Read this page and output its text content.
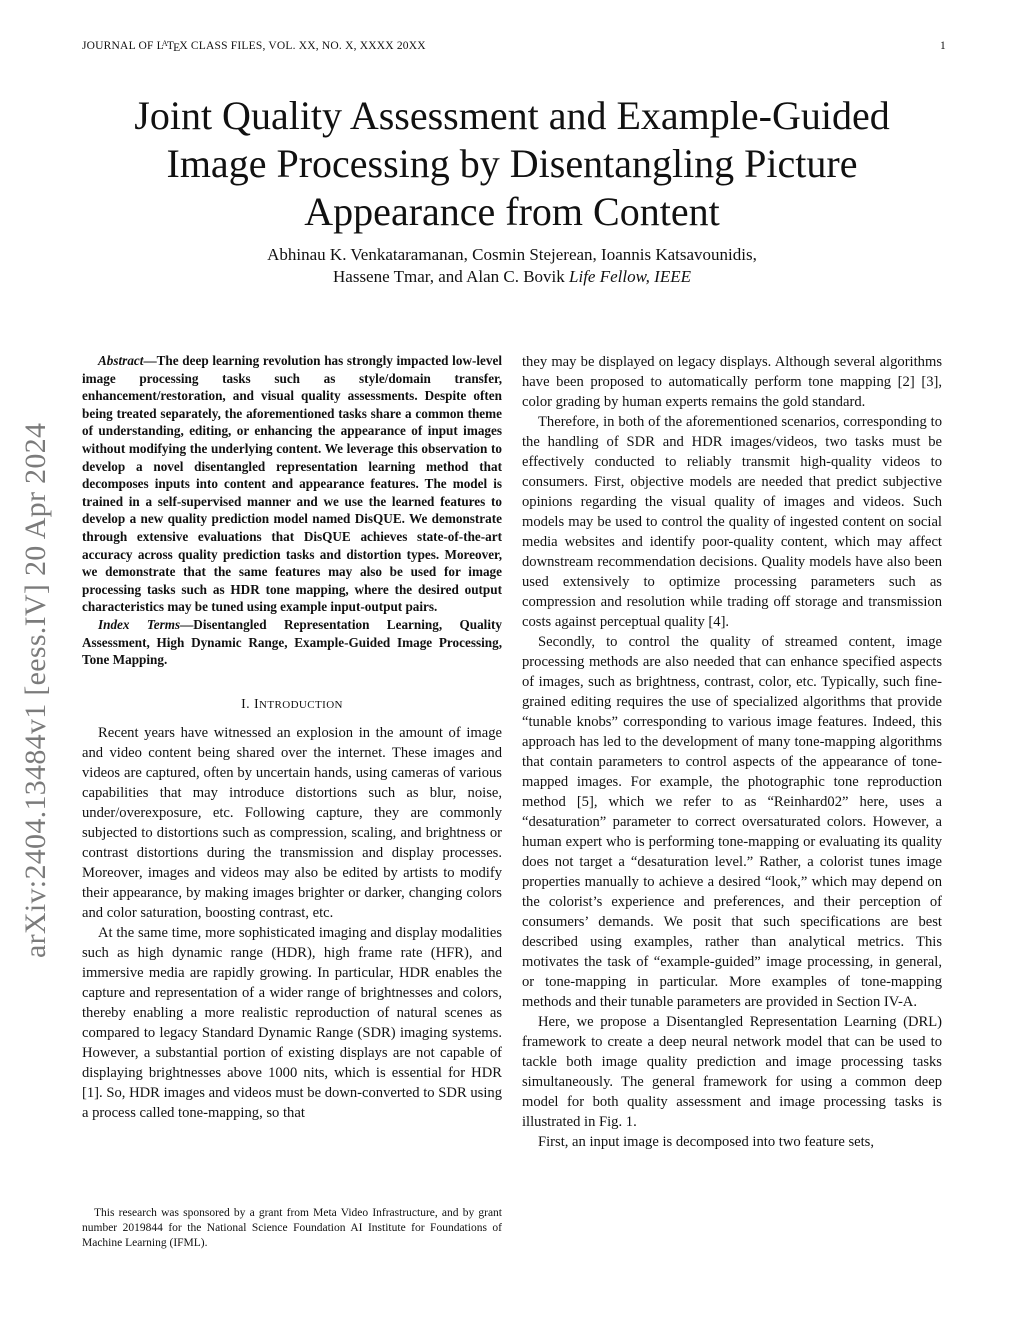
JOURNAL OF $L^ATEX$ CLASS FILES, VOL. XX, NO. X, XXXX 20XX	1
Joint Quality Assessment and Example-Guided Image Processing by Disentangling Picture Appearance from Content
Abhinau K. Venkataramanan, Cosmin Stejerean, Ioannis Katsavounidis,
Hassene Tmar, and Alan C. Bovik Life Fellow, IEEE
arXiv:2404.13484v1 [eess.IV] 20 Apr 2024

Abstract—The deep learning revolution has strongly impacted low-level image processing tasks such as style/domain transfer, enhancement/restoration, and visual quality assessments. Despite often being treated separately, the aforementioned tasks share a common theme of understanding, editing, or enhancing the appearance of input images without modifying the underlying content. We leverage this observation to develop a novel disentangled representation learning method that decomposes inputs into content and appearance features. The model is trained in a self-supervised manner and we use the learned features to develop a new quality prediction model named DisQUE. We demonstrate through extensive evaluations that DisQUE achieves state-of-the-art accuracy across quality prediction tasks and distortion types. Moreover, we demonstrate that the same features may also be used for image processing tasks such as HDR tone mapping, where the desired output characteristics may be tuned using example input-output pairs.

Index Terms—Disentangled Representation Learning, Quality Assessment, High Dynamic Range, Example-Guided Image Processing, Tone Mapping.

I. INTRODUCTION

Recent years have witnessed an explosion in the amount of image and video content being shared over the internet. These images and videos are captured, often by uncertain hands, using cameras of various capabilities that may introduce distortions such as blur, noise, under/overexposure, etc. Following capture, they are commonly subjected to distortions such as compression, scaling, and brightness or contrast distortions during the transmission and display processes. Moreover, images and videos may also be edited by artists to modify their appearance, by making images brighter or darker, changing colors and color saturation, boosting contrast, etc.

At the same time, more sophisticated imaging and display modalities such as high dynamic range (HDR), high frame rate (HFR), and immersive media are rapidly growing. In particular, HDR enables the capture and representation of a wider range of brightnesses and colors, thereby enabling a more realistic reproduction of natural scenes as compared to legacy Standard Dynamic Range (SDR) imaging systems. However, a substantial portion of existing displays are not capable of displaying brightnesses above 1000 nits, which is essential for HDR [1]. So, HDR images and videos must be down-converted to SDR using a process called tone-mapping, so that

This research was sponsored by a grant from Meta Video Infrastructure, and by grant number 2019844 for the National Science Foundation AI Institute for Foundations of Machine Learning (IFML).

they may be displayed on legacy displays. Although several algorithms have been proposed to automatically perform tone mapping [2] [3], color grading by human experts remains the gold standard.

Therefore, in both of the aforementioned scenarios, corresponding to the handling of SDR and HDR images/videos, two tasks must be effectively conducted to reliably transmit high-quality videos to consumers. First, objective models are needed that predict subjective opinions regarding the visual quality of images and videos. Such models may be used to control the quality of ingested content on social media websites and identify poor-quality content, which may affect downstream recommendation decisions. Quality models have also been used extensively to optimize processing parameters such as compression and resolution while trading off storage and transmission costs against perceptual quality [4].

Secondly, to control the quality of streamed content, image processing methods are also needed that can enhance specified aspects of images, such as brightness, contrast, color, etc. Typically, such fine-grained editing requires the use of specialized algorithms that provide “tunable knobs” corresponding to various image features. Indeed, this approach has led to the development of many tone-mapping algorithms that contain parameters to control aspects of the appearance of tone-mapped images. For example, the photographic tone reproduction method [5], which we refer to as “Reinhard02” here, uses a “desaturation” parameter to correct oversaturated colors. However, a human expert who is performing tone-mapping or evaluating its quality does not target a “desaturation level.” Rather, a colorist tunes image properties manually to achieve a desired “look,” which may depend on the colorist’s experience and preferences, and their perception of consumers’ demands. We posit that such specifications are best described using examples, rather than analytical metrics. This motivates the task of “example-guided” image processing, in general, or tone-mapping in particular. More examples of tone-mapping methods and their tunable parameters are provided in Section IV-A.

Here, we propose a Disentangled Representation Learning (DRL) framework to create a deep neural network model that can be used to tackle both image quality prediction and image processing tasks simultaneously. The general framework for using a common deep model for both quality assessment and image processing tasks is illustrated in Fig. 1.

First, an input image is decomposed into two feature sets,
